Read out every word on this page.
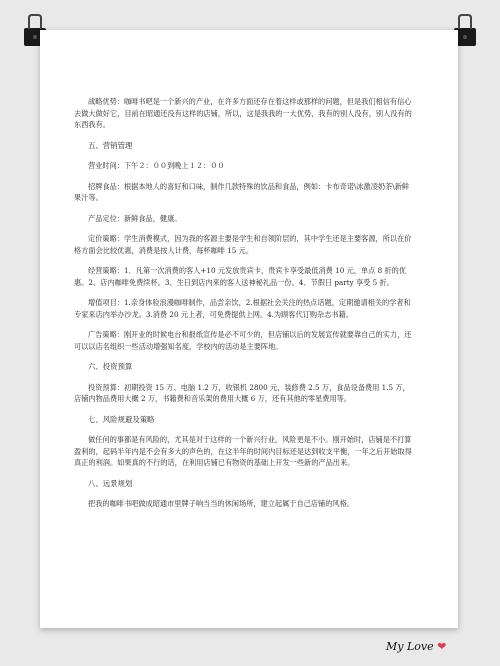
战略优势：咖啡书吧是一个新兴的产业，在许多方面还存在着这样或那样的问题，但是我们相信有信心去做大做好它，目前在昭通还没有这样的店铺，所以，这是我我的一大优势，我有的别人没有，别人没有的东西我有。

五、营销管理

营业时间：下午２：００到晚上１２：００

招牌食品：根据本地人的喜好和口味，制作几款特殊的饮品和食品，例如：卡布奇诺\冰激凌奶茶\新鲜果汁等。

产品定位：新鲜食品，健康。

定价策略：学生消费模式，因为我的客源主要是学生和自领阶层的，其中学生还是主要客源，所以在价格方面会比较优惠，消费是按人计费，每杯咖啡 15 元。

经营策略：1．凡第一次消费的客人+10 元发放贵宾卡，贵宾卡享受最低消费 10 元，单点 8 折的优惠。2、店内咖啡免费续杯。3、生日到店内来的客人送神秘礼品一份。4、节假日 party 享受 5 折。

增值项目：1.亲身体验浪漫咖啡制作，品尝亲饮，2.根据社会关注的热点话题，定期邀请相关的学者和专家来店内举办沙龙。3.消费 20 元上者，可免费提供上网。4.为顾客代订购杂志书籍。

广告策略：刚开业的时候电台和报纸宣传是必不可少的，但店铺以后的发展宣传就要靠自己的实力，还可以以店名组织一些活动增强知名度，学校内的活动是主要阵地。

六、投资预算

投资预算：初期投资 15 万、电脑 1.2 万，收银机 2800 元，装修费 2.5 万，食品设备费用 1.5 万，店铺内物品费用大概 2 万，书籍费和音乐架的费用大概 6 万，还有其他的零星费用等。

七、风险规避及策略

做任何的事都是有风险的，尤其是对于这样的一个新兴行业，风险更是不小。刚开始时，店铺是不打算盈利的，起码半年内是不会有多大的声色的，在这半年的时间内目标还是达到收支平衡，一年之后开始取得真正的利润。如果真的不行的话，在利用店铺已有物资的基础上开发一些新的产品出来。

八、远景规划

把我的咖啡书吧做成昭通市里牌子响当当的休闲场所，建立起属于自己店铺的风格。

My Love ❤
